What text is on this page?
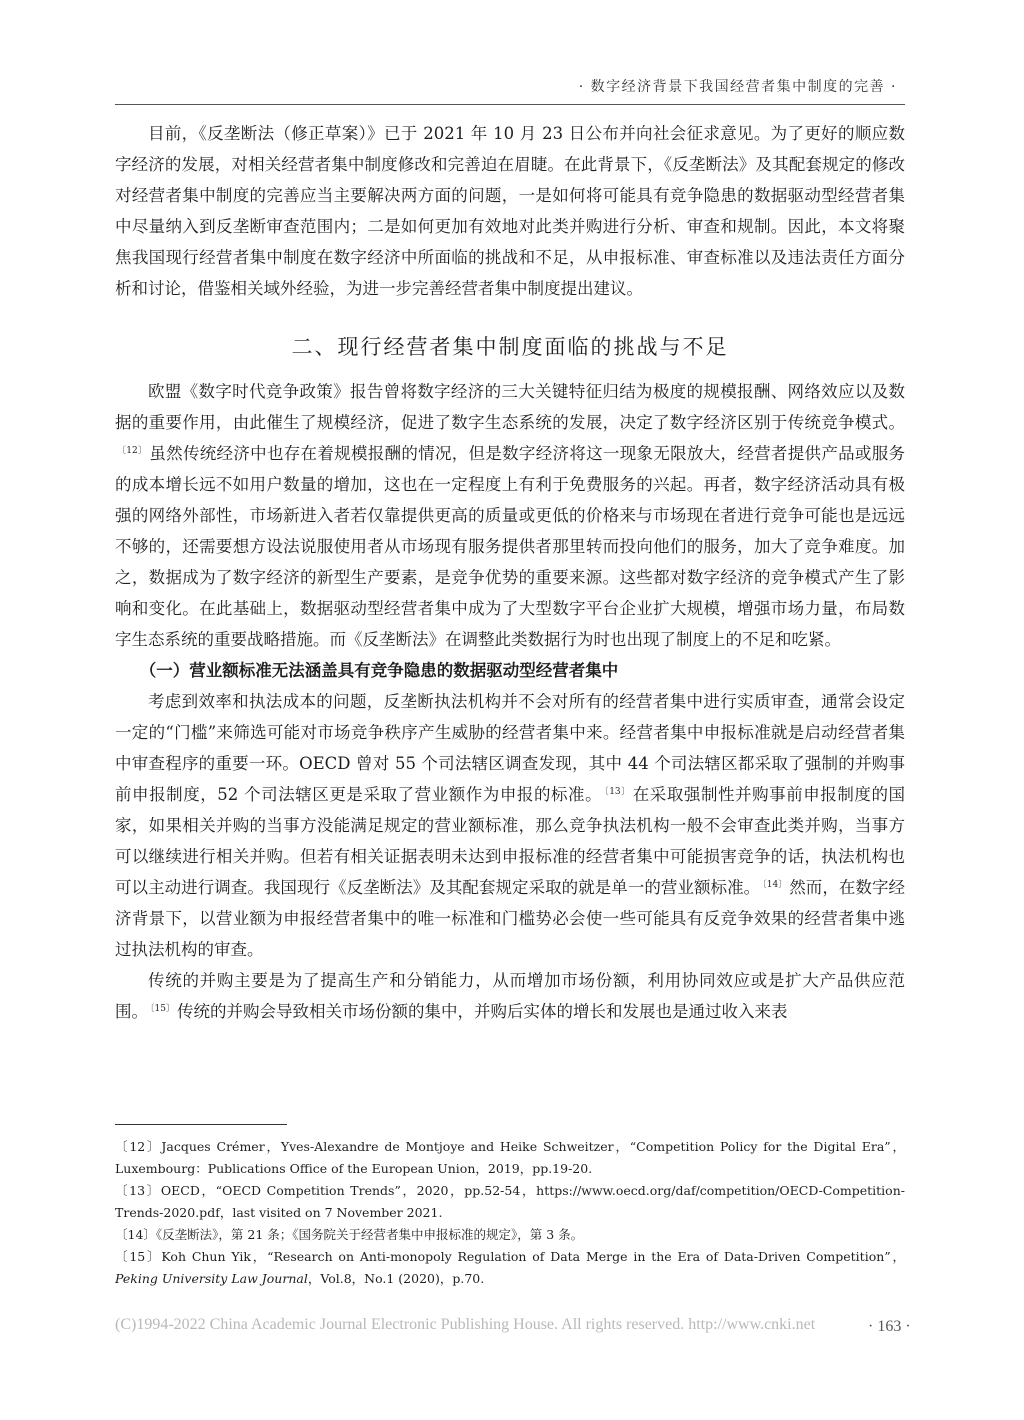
· 数字经济背景下我国经营者集中制度的完善 ·

目前，《反垄断法（修正草案）》已于 2021 年 10 月 23 日公布并向社会征求意见。为了更好的顺应数字经济的发展，对相关经营者集中制度修改和完善迫在眉睫。在此背景下，《反垄断法》及其配套规定的修改对经营者集中制度的完善应当主要解决两方面的问题，一是如何将可能具有竞争隐患的数据驱动型经营者集中尽量纳入到反垄断审查范围内；二是如何更加有效地对此类并购进行分析、审查和规制。因此，本文将聚焦我国现行经营者集中制度在数字经济中所面临的挑战和不足，从申报标准、审查标准以及违法责任方面分析和讨论，借鉴相关域外经验，为进一步完善经营者集中制度提出建议。

二、现行经营者集中制度面临的挑战与不足

欧盟《数字时代竞争政策》报告曾将数字经济的三大关键特征归结为极度的规模报酬、网络效应以及数据的重要作用，由此催生了规模经济，促进了数字生态系统的发展，决定了数字经济区别于传统竞争模式。$^{〔12〕}$ 虽然传统经济中也存在着规模报酬的情况，但是数字经济将这一现象无限放大，经营者提供产品或服务的成本增长远不如用户数量的增加，这也在一定程度上有利于免费服务的兴起。再者，数字经济活动具有极强的网络外部性，市场新进入者若仅靠提供更高的质量或更低的价格来与市场现在者进行竞争可能也是远远不够的，还需要想方设法说服使用者从市场现有服务提供者那里转而投向他们的服务，加大了竞争难度。加之，数据成为了数字经济的新型生产要素，是竞争优势的重要来源。这些都对数字经济的竞争模式产生了影响和变化。在此基础上，数据驱动型经营者集中成为了大型数字平台企业扩大规模，增强市场力量，布局数字生态系统的重要战略措施。而《反垄断法》在调整此类数据行为时也出现了制度上的不足和吃紧。

（一）营业额标准无法涵盖具有竞争隐患的数据驱动型经营者集中

考虑到效率和执法成本的问题，反垄断执法机构并不会对所有的经营者集中进行实质审查，通常会设定一定的“门槛”来筛选可能对市场竞争秩序产生威胁的经营者集中来。经营者集中申报标准就是启动经营者集中审查程序的重要一环。OECD 曾对 55 个司法辖区调查发现，其中 44 个司法辖区都采取了强制的并购事前申报制度，52 个司法辖区更是采取了营业额作为申报的标准。 $^{〔13〕}$ 在采取强制性并购事前申报制度的国家，如果相关并购的当事方没能满足规定的营业额标准，那么竞争执法机构一般不会审查此类并购，当事方可以继续进行相关并购。但若有相关证据表明未达到申报标准的经营者集中可能损害竞争的话，执法机构也可以主动进行调查。我国现行《反垄断法》及其配套规定采取的就是单一的营业额标准。 $^{〔14〕}$ 然而，在数字经济背景下，以营业额为申报经营者集中的唯一标准和门槛势必会使一些可能具有反竞争效果的经营者集中逃过执法机构的审查。

传统的并购主要是为了提高生产和分销能力，从而增加市场份额，利用协同效应或是扩大产品供应范围。 $^{〔15〕}$ 传统的并购会导致相关市场份额的集中，并购后实体的增长和发展也是通过收入来表

〔12〕Jacques Crémer，Yves-Alexandre de Montjoye and Heike Schweitzer，“Competition Policy for the Digital Era”，Luxembourg：Publications Office of the European Union，2019，pp.19-20.

〔13〕OECD，“OECD Competition Trends”，2020，pp.52-54，https://www.oecd.org/daf/competition/OECD-Competition-Trends-2020.pdf，last visited on 7 November 2021.

〔14〕《反垄断法》，第 21 条；《国务院关于经营者集中申报标准的规定》，第 3 条。

〔15〕Koh Chun Yik，“Research on Anti-monopoly Regulation of Data Merge in the Era of Data-Driven Competition”，Peking University Law Journal，Vol.8，No.1 (2020)，p.70.

(C)1994-2022 China Academic Journal Electronic Publishing House. All rights reserved. http://www.cnki.net	· 163 ·
